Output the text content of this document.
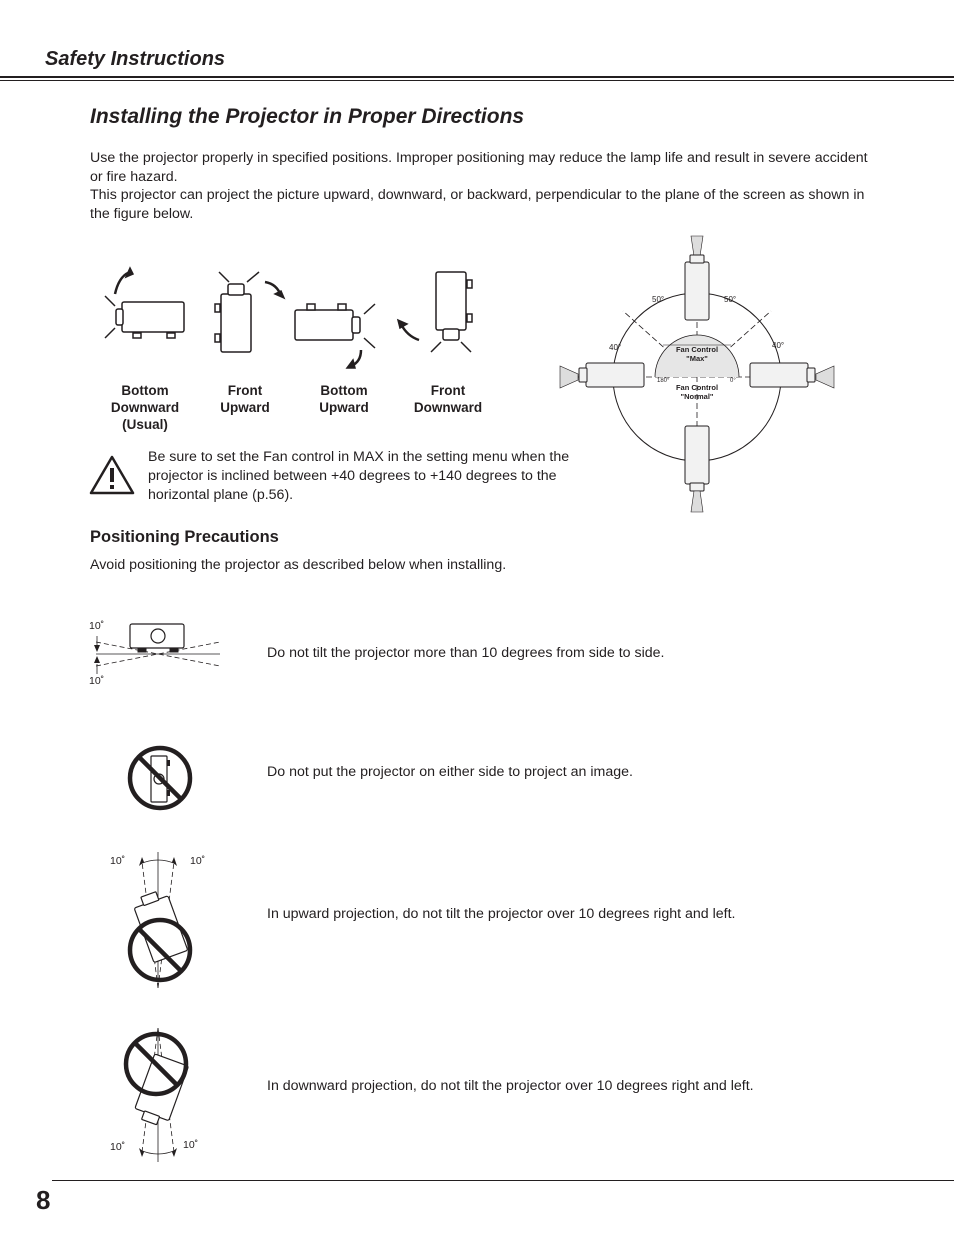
Safety Instructions
Installing the Projector in Proper Directions

Use the projector properly in specified positions. Improper positioning may reduce the lamp life and result in severe accident or fire hazard.

This projector can project the picture upward, downward, or backward, perpendicular to the plane of the screen as shown in the figure below.

Bottom
Downward
(Usual)
Front
Upward
Bottom
Upward
Front
Downward
Be sure to set the Fan control in MAX in the setting menu when the projector is inclined between +40 degrees to +140 degrees to the horizontal plane (p.56).
50°	50°
40°	40°
180°	0°
Fan Control
"Max"
Fan Control
"Normal"
Positioning Precautions
Avoid positioning the projector as described below when installing.
10˚
10˚
Do not tilt the projector more than 10 degrees from side to side.
Do not put the projector on either side to project an image.
10˚	10˚
In upward projection, do not tilt the projector over 10 degrees right and left.
10˚	10˚
In downward projection, do not tilt the projector over 10 degrees right and left.
8
